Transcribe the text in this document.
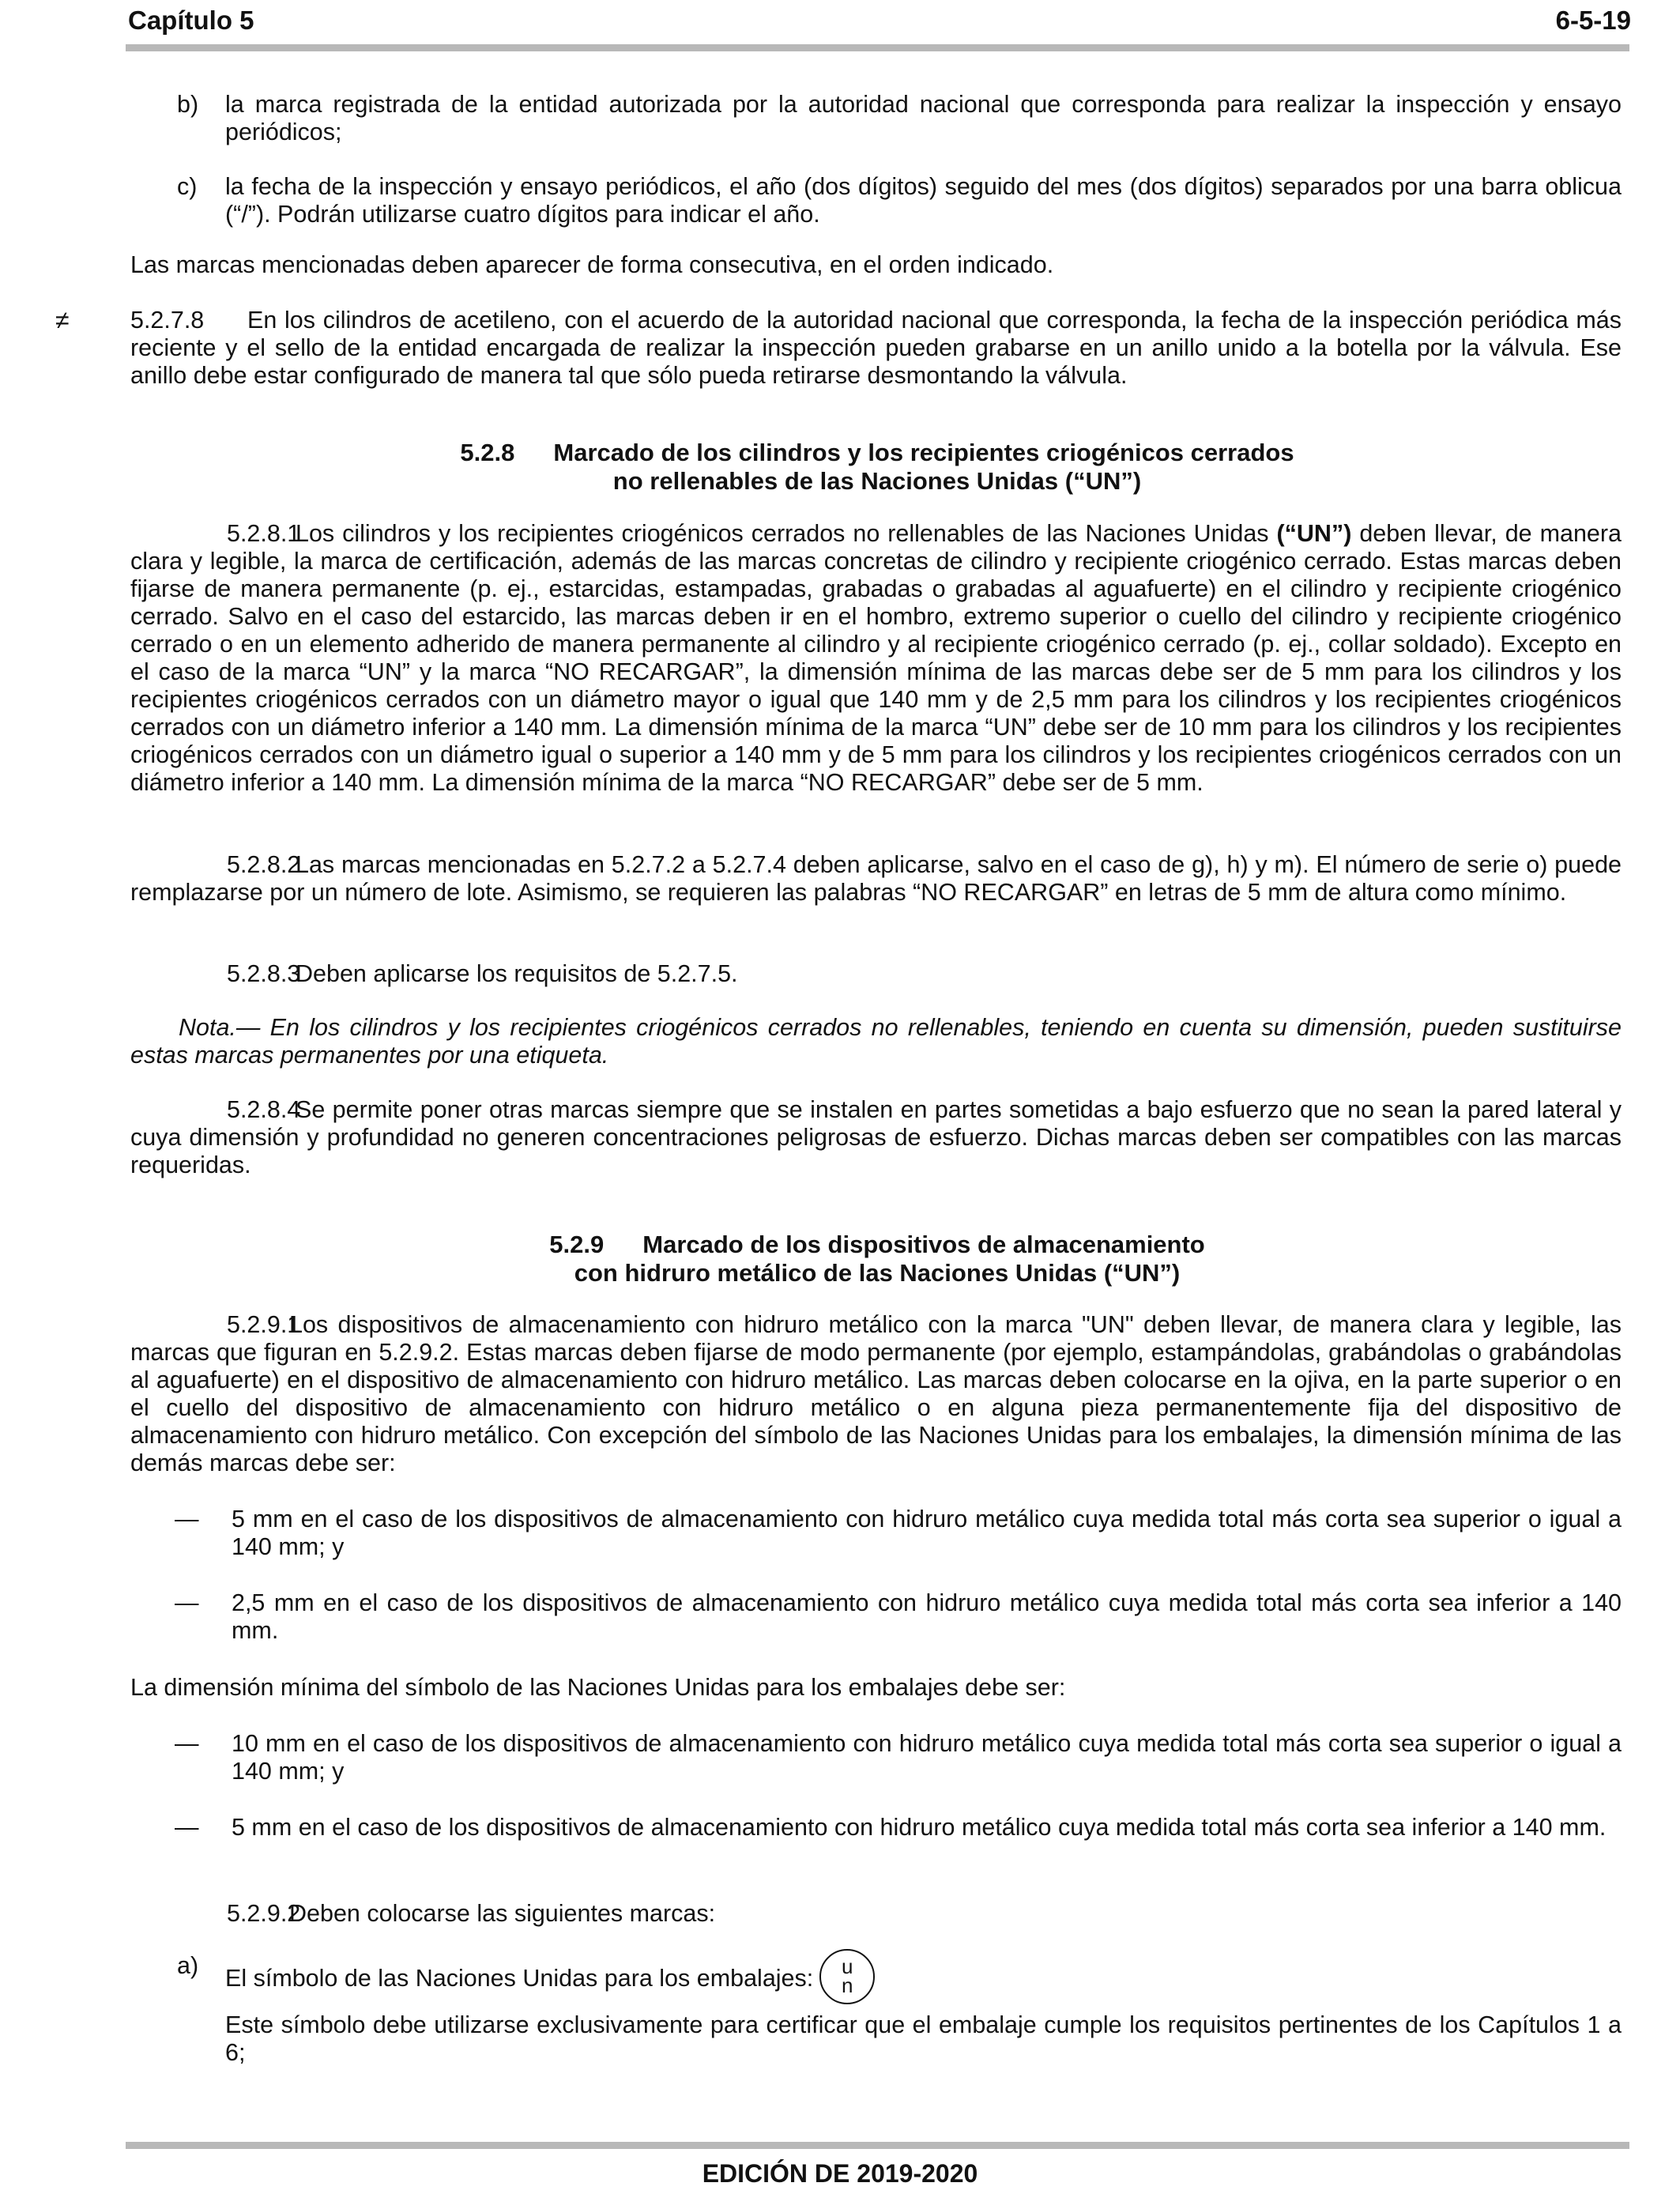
Capítulo 5	6-5-19
b) la marca registrada de la entidad autorizada por la autoridad nacional que corresponda para realizar la inspección y ensayo periódicos;

c) la fecha de la inspección y ensayo periódicos, el año (dos dígitos) seguido del mes (dos dígitos) separados por una barra oblicua (“/”). Podrán utilizarse cuatro dígitos para indicar el año.

Las marcas mencionadas deben aparecer de forma consecutiva, en el orden indicado.

≠	5.2.7.8 En los cilindros de acetileno, con el acuerdo de la autoridad nacional que corresponda, la fecha de la inspección periódica más reciente y el sello de la entidad encargada de realizar la inspección pueden grabarse en un anillo unido a la botella por la válvula. Ese anillo debe estar configurado de manera tal que sólo pueda retirarse desmontando la válvula.

5.2.8 Marcado de los cilindros y los recipientes criogénicos cerrados
no rellenables de las Naciones Unidas (“UN”)

5.2.8.1Los cilindros y los recipientes criogénicos cerrados no rellenables de las Naciones Unidas (“UN”) deben llevar, de manera clara y legible, la marca de certificación, además de las marcas concretas de cilindro y recipiente criogénico cerrado. Estas marcas deben fijarse de manera permanente (p. ej., estarcidas, estampadas, grabadas o grabadas al aguafuerte) en el cilindro y recipiente criogénico cerrado. Salvo en el caso del estarcido, las marcas deben ir en el hombro, extremo superior o cuello del cilindro y recipiente criogénico cerrado o en un elemento adherido de manera permanente al cilindro y al recipiente criogénico cerrado (p. ej., collar soldado). Excepto en el caso de la marca “UN” y la marca “NO RECARGAR”, la dimensión mínima de las marcas debe ser de 5 mm para los cilindros y los recipientes criogénicos cerrados con un diámetro mayor o igual que 140 mm y de 2,5 mm para los cilindros y los recipientes criogénicos cerrados con un diámetro inferior a 140 mm. La dimensión mínima de la marca “UN” debe ser de 10 mm para los cilindros y los recipientes criogénicos cerrados con un diámetro igual o superior a 140 mm y de 5 mm para los cilindros y los recipientes criogénicos cerrados con un diámetro inferior a 140 mm. La dimensión mínima de la marca “NO RECARGAR” debe ser de 5 mm.

5.2.8.2Las marcas mencionadas en 5.2.7.2 a 5.2.7.4 deben aplicarse, salvo en el caso de g), h) y m). El número de serie o) puede remplazarse por un número de lote. Asimismo, se requieren las palabras “NO RECARGAR” en letras de 5 mm de altura como mínimo.

5.2.8.3Deben aplicarse los requisitos de 5.2.7.5.

Nota.— En los cilindros y los recipientes criogénicos cerrados no rellenables, teniendo en cuenta su dimensión, pueden sustituirse estas marcas permanentes por una etiqueta.

5.2.8.4Se permite poner otras marcas siempre que se instalen en partes sometidas a bajo esfuerzo que no sean la pared lateral y cuya dimensión y profundidad no generen concentraciones peligrosas de esfuerzo. Dichas marcas deben ser compatibles con las marcas requeridas.

5.2.9 Marcado de los dispositivos de almacenamiento
con hidruro metálico de las Naciones Unidas (“UN”)

5.2.9.1Los dispositivos de almacenamiento con hidruro metálico con la marca "UN" deben llevar, de manera clara y legible, las marcas que figuran en 5.2.9.2. Estas marcas deben fijarse de modo permanente (por ejemplo, estampándolas, grabándolas o grabándolas al aguafuerte) en el dispositivo de almacenamiento con hidruro metálico. Las marcas deben colocarse en la ojiva, en la parte superior o en el cuello del dispositivo de almacenamiento con hidruro metálico o en alguna pieza permanentemente fija del dispositivo de almacenamiento con hidruro metálico. Con excepción del símbolo de las Naciones Unidas para los embalajes, la dimensión mínima de las demás marcas debe ser:

— 5 mm en el caso de los dispositivos de almacenamiento con hidruro metálico cuya medida total más corta sea superior o igual a 140 mm; y

— 2,5 mm en el caso de los dispositivos de almacenamiento con hidruro metálico cuya medida total más corta sea inferior a 140 mm.

La dimensión mínima del símbolo de las Naciones Unidas para los embalajes debe ser:

— 10 mm en el caso de los dispositivos de almacenamiento con hidruro metálico cuya medida total más corta sea superior o igual a 140 mm; y

— 5 mm en el caso de los dispositivos de almacenamiento con hidruro metálico cuya medida total más corta sea inferior a 140 mm.

5.2.9.2Deben colocarse las siguientes marcas:

a) El símbolo de las Naciones Unidas para los embalajes:	u
n

Este símbolo debe utilizarse exclusivamente para certificar que el embalaje cumple los requisitos pertinentes de los Capítulos 1 a 6;

EDICIÓN DE 2019-2020
